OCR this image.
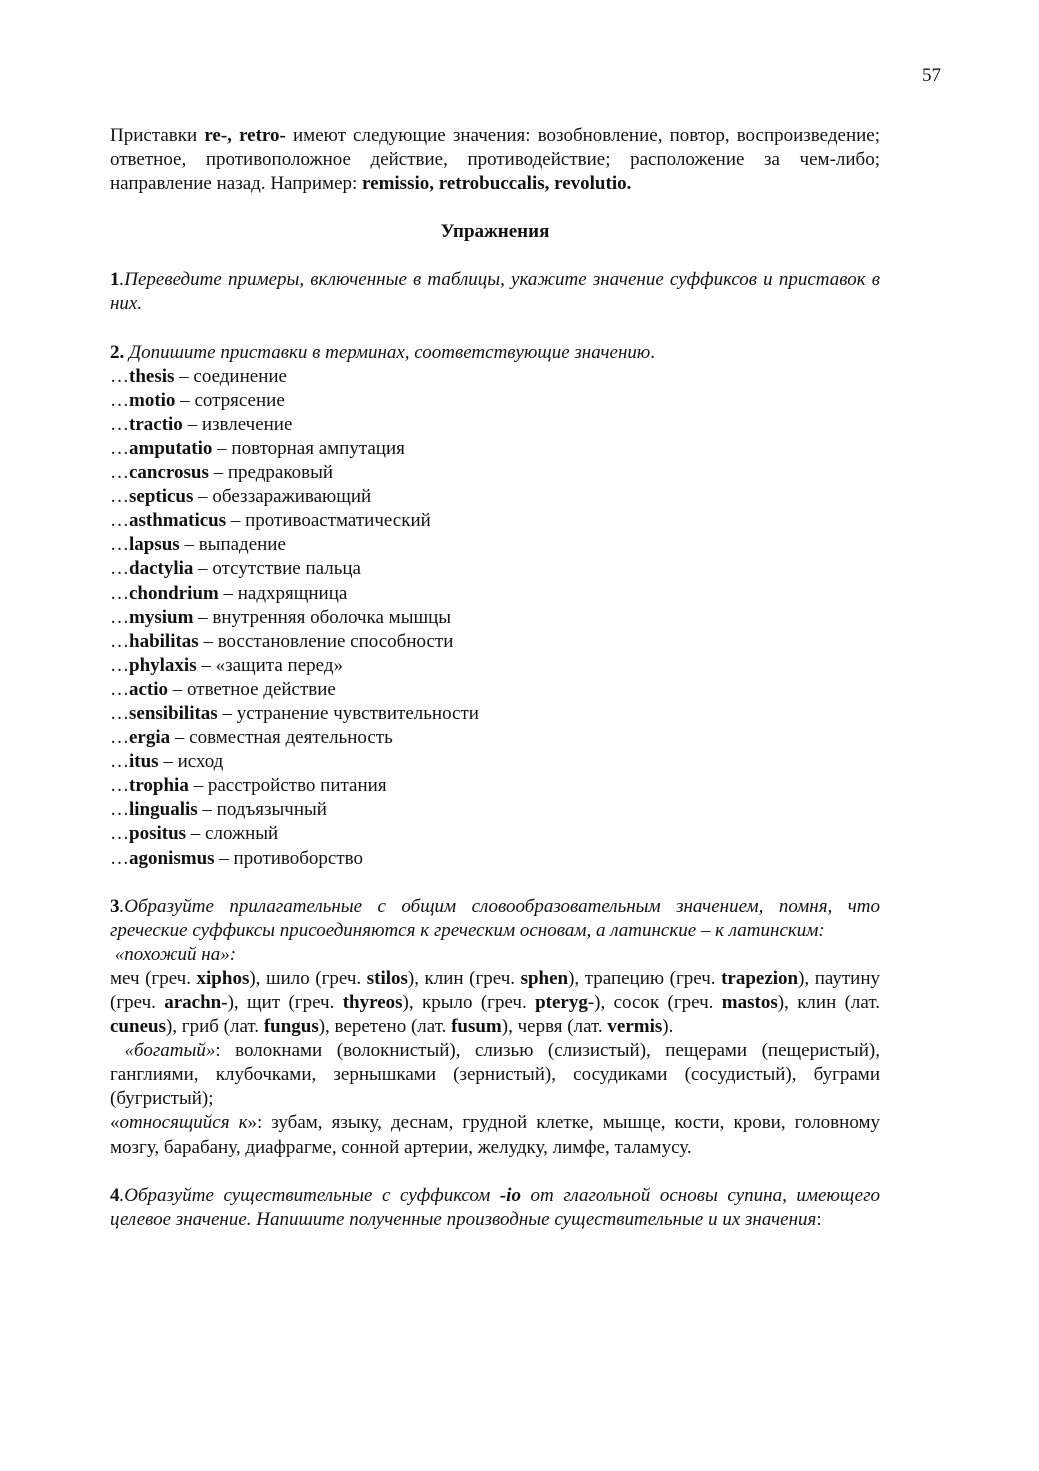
57

Приставки re-, retro- имеют следующие значения: возобновление, повтор, воспроизведение; ответное, противоположное действие, противодействие; расположение за чем-либо; направление назад. Например: remissio, retrobuccalis, revolutio.

Упражнения

1.Переведите примеры, включенные в таблицы, укажите значение суффиксов и приставок в них.

2. Допишите приставки в терминах, соответствующие значению.

…thesis – соединение
…motio – сотрясение
…tractio – извлечение
…amputatio – повторная ампутация
…cancrosus – предраковый
…septicus – обеззараживающий
…asthmaticus – противоастматический
…lapsus – выпадение
…dactylia – отсутствие пальца
…chondrium – надхрящница
…mysium – внутренняя оболочка мышцы
…habilitas – восстановление способности
…phylaxis – «защита перед»
…actio – ответное действие
…sensibilitas – устранение чувствительности
…ergia – совместная деятельность
…itus – исход
…trophia – расстройство питания
…lingualis – подъязычный
…positus – сложный
…agonismus – противоборство

3.Образуйте прилагательные с общим словообразовательным значением, помня, что греческие суффиксы присоединяются к греческим основам, а латинские – к латинским:

«похожий на»:

меч (греч. xiphos), шило (греч. stilos), клин (греч. sphen), трапецию (греч. trapezion), паутину (греч. arachn-), щит (греч. thyreos), крыло (греч. pteryg-), сосок (греч. mastos), клин (лат. cuneus), гриб (лат. fungus), веретено (лат. fusum), червя (лат. vermis).

«богатый»: волокнами (волокнистый), слизью (слизистый), пещерами (пещеристый), ганглиями, клубочками, зернышками (зернистый), сосудиками (сосудистый), буграми (бугристый);

«относящийся к»: зубам, языку, деснам, грудной клетке, мышце, кости, крови, головному мозгу, барабану, диафрагме, сонной артерии, желудку, лимфе, таламусу.

4.Образуйте существительные с суффиксом -io от глагольной основы супина, имеющего целевое значение. Напишите полученные производные существительные и их значения:
